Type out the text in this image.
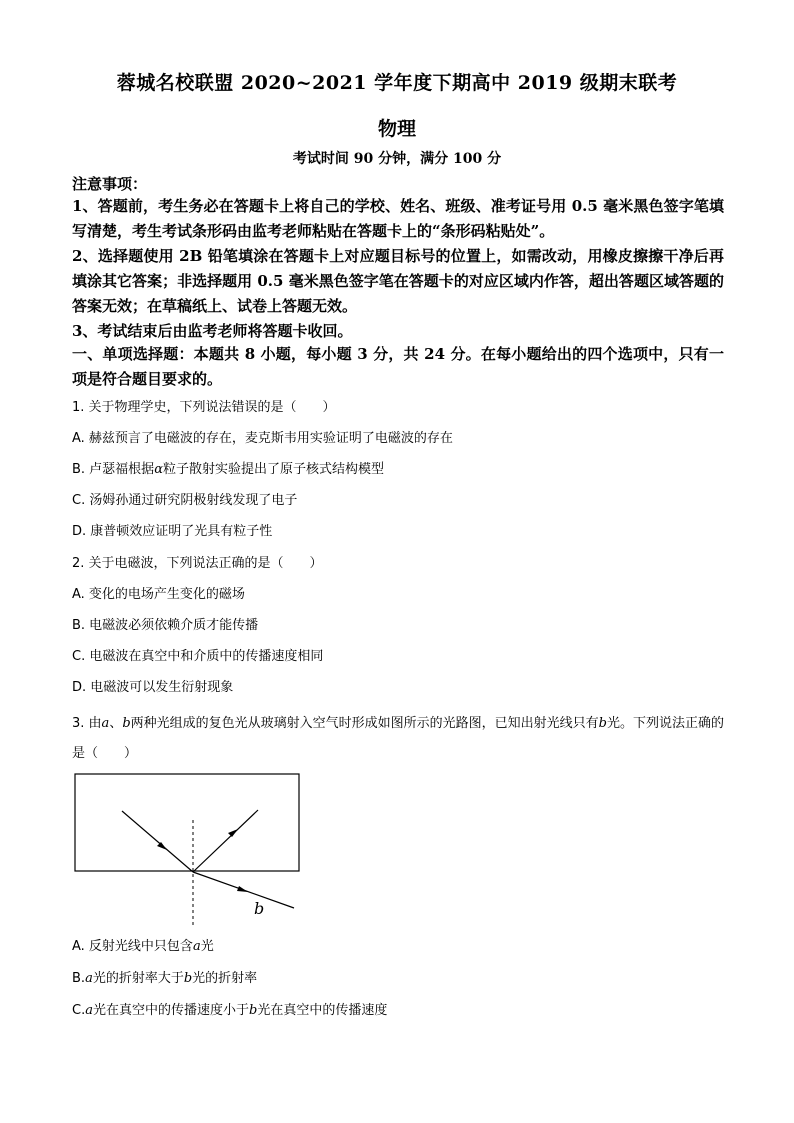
蓉城名校联盟 2020~2021 学年度下期高中 2019 级期末联考
物理
考试时间 90 分钟，满分 100 分
注意事项：

1、答题前，考生务必在答题卡上将自己的学校、姓名、班级、准考证号用 0.5 毫米黑色签字笔填写清楚，考生考试条形码由监考老师粘贴在答题卡上的“条形码粘贴处”。

2、选择题使用 2B 铅笔填涂在答题卡上对应题目标号的位置上，如需改动，用橡皮擦擦干净后再填涂其它答案；非选择题用 0.5 毫米黑色签字笔在答题卡的对应区域内作答，超出答题区域答题的答案无效；在草稿纸上、试卷上答题无效。

3、考试结束后由监考老师将答题卡收回。

一、单项选择题：本题共 8 小题，每小题 3 分，共 24 分。在每小题给出的四个选项中，只有一项是符合题目要求的。
1. 关于物理学史，下列说法错误的是（　　）
A. 赫兹预言了电磁波的存在，麦克斯韦用实验证明了电磁波的存在
B. 卢瑟福根据α粒子散射实验提出了原子核式结构模型
C. 汤姆孙通过研究阴极射线发现了电子
D. 康普顿效应证明了光具有粒子性
2. 关于电磁波，下列说法正确的是（　　）
A. 变化的电场产生变化的磁场
B. 电磁波必须依赖介质才能传播
C. 电磁波在真空中和介质中的传播速度相同
D. 电磁波可以发生衍射现象
3. 由a、b两种光组成的复色光从玻璃射入空气时形成如图所示的光路图，已知出射光线只有b光。下列说法正确的是（　　）
b
A. 反射光线中只包含a光
B.a光的折射率大于b光的折射率
C.a光在真空中的传播速度小于b光在真空中的传播速度
